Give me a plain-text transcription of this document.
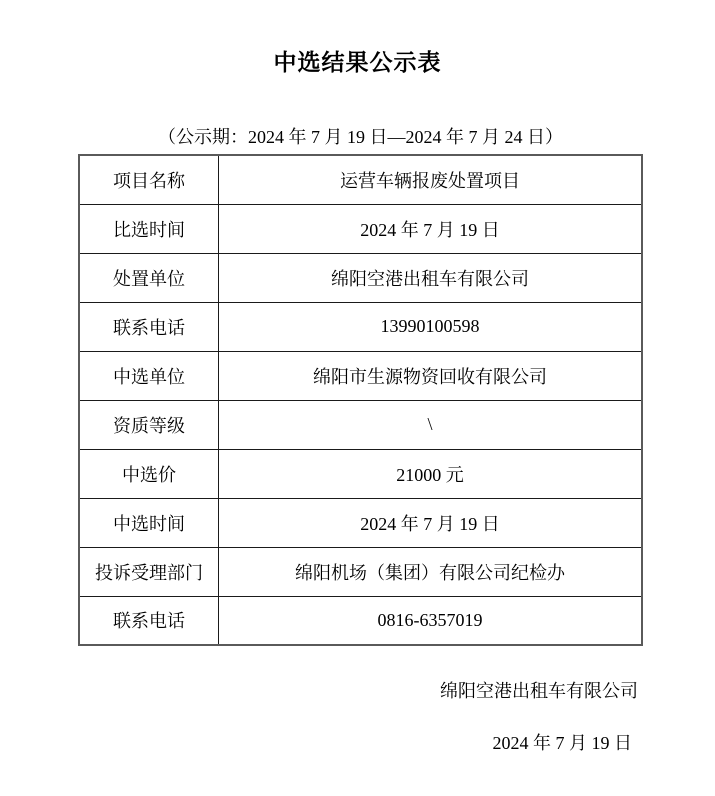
中选结果公示表
（公示期：2024 年 7 月 19 日—2024 年 7 月 24 日）
项目名称	运营车辆报废处置项目
比选时间	2024 年 7 月 19 日
处置单位	绵阳空港出租车有限公司
联系电话	13990100598
中选单位	绵阳市生源物资回收有限公司
资质等级	\
中选价	21000 元
中选时间	2024 年 7 月 19 日
投诉受理部门	绵阳机场（集团）有限公司纪检办
联系电话	0816-6357019
绵阳空港出租车有限公司
2024 年 7 月 19 日
